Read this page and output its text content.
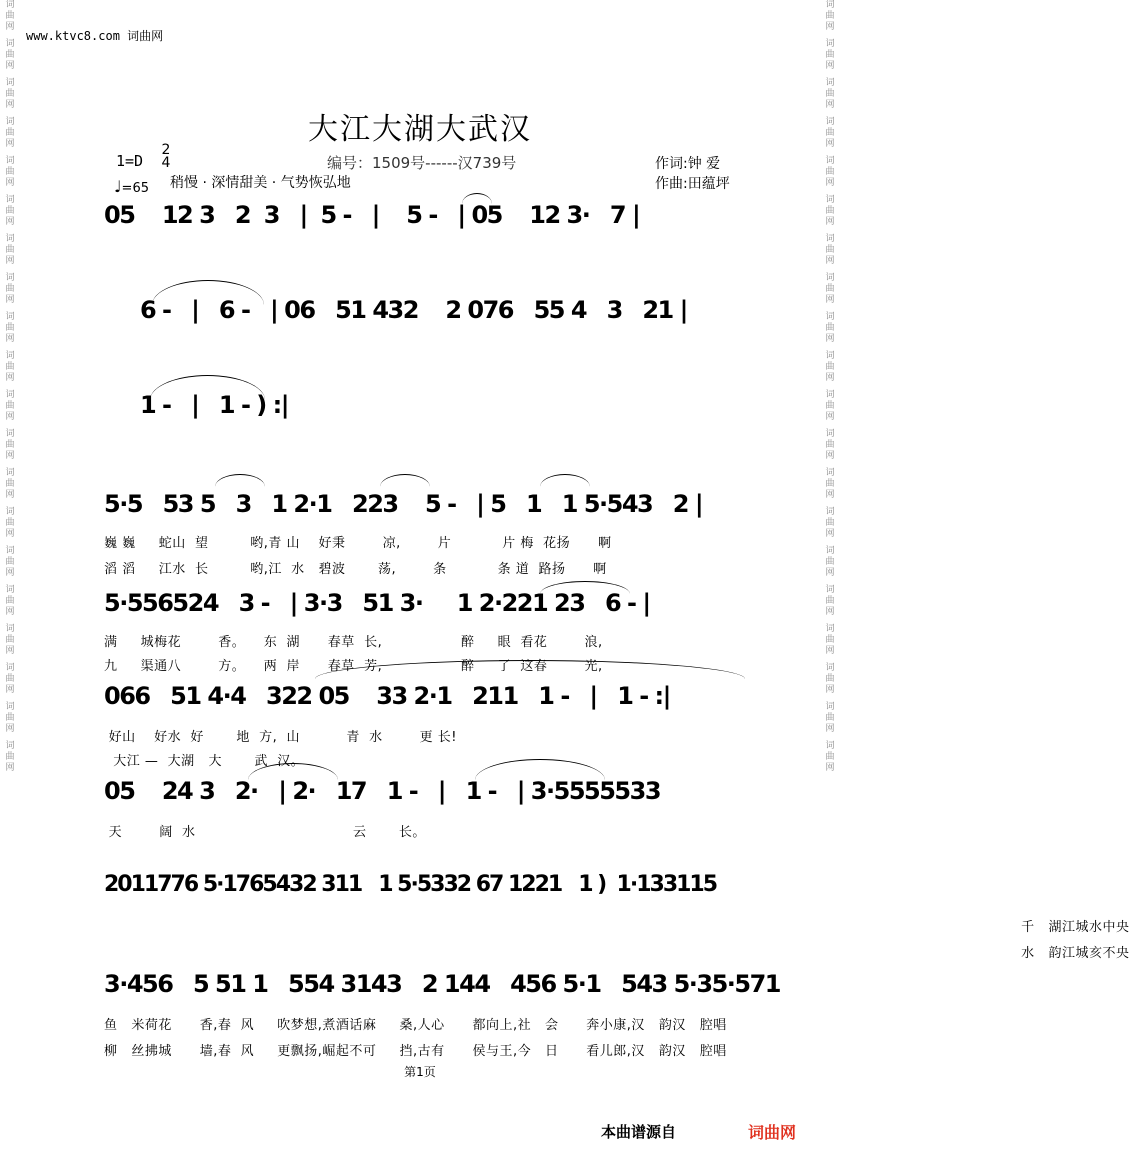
词
曲
网
词
曲
网
词
曲
网
词
曲
网
词
曲
网
词
曲
网
词
曲
网
词
曲
网
词
曲
网
词
曲
网
词
曲
网
词
曲
网
词
曲
网
词
曲
网
词
曲
网
词
曲
网
词
曲
网
词
曲
网
词
曲
网
词
曲
网
词
曲
网
词
曲
网
词
曲
网
词
曲
网
词
曲
网
词
曲
网
词
曲
网
词
曲
网
词
曲
网
词
曲
网
词
曲
网
词
曲
网
词
曲
网
词
曲
网
词
曲
网
词
曲
网
词
曲
网
词
曲
网
词
曲
网
词
曲
网
www.ktvc8.com 词曲网
大江大湖大武汉
1=D
2
4
♩=65 稍慢 · 深情甜美 · 气势恢弘地
编号：1509号------汉739号	作词:钟 爱
作曲:田蕴坪
05    12 3   2  3   |  5 -   |    5 -   | 05    12 3·   7 |
6 -   |   6 -   | 06   51 432    2 076   55 4   3   21 |
1 -   |   1 - ) :|
5·5   53 5   3   1 2·1   223    5 -   | 5   1   1 5·543   2 |
巍 巍     蛇山  望         哟,青 山    好秉        凉,        片           片 梅  花扬      啊
滔 滔     江水  长         哟,江  水   碧波       荡,        条           条 道  路扬      啊
5·556524   3 -   | 3·3   51 3·     1 2·221 23   6 - |
满     城梅花        香。    东  湖      春草  长,                 醉     眼  看花        浪,
九     渠通八        方。    两  岸      春草  芳,                 醉     了  这春        光,
066   51 4·4   322 05    33 2·1   211   1 -   |   1 - :|
好山    好水  好       地  方,  山          青  水        更 长!
大江 —  大湖   大       武  汉。
05    24 3   2·   | 2·   17   1 -   |   1 -   | 3·5555533
天        阔  水                                  云       长。
2011776 5·1765432 311   1 5·5332 67 1221   1 )  1·133115
千   湖江城水中央
水   韵江城亥不央
3·456   5 51 1   554 3143   2 144   456 5·1   543 5·35·571
鱼   米荷花      香,春  风     吹梦想,煮酒话麻     桑,人心      都向上,社   会      奔小康,汉   韵汉   腔唱
柳   丝拂城      墙,春  风     更飘扬,崛起不可     挡,古有      侯与王,今   日      看儿郎,汉   韵汉   腔唱
第1页
本曲谱源自	词曲网
